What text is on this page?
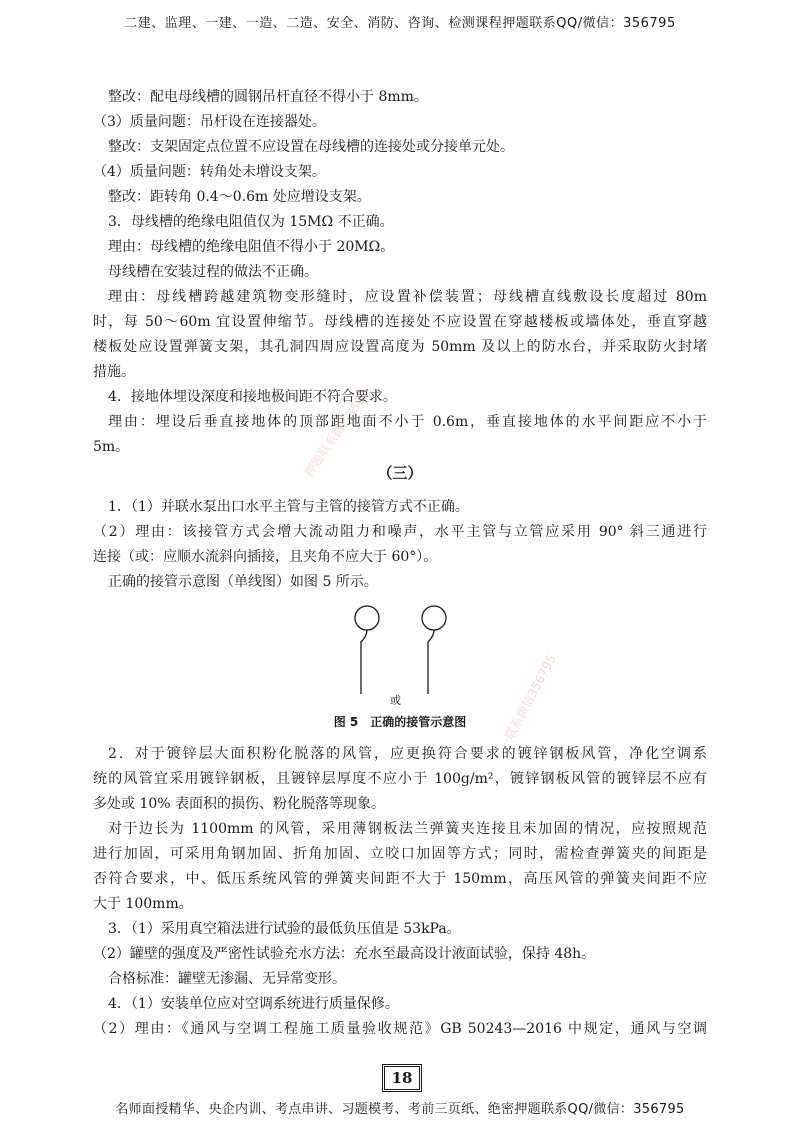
二建、监理、一建、一造、二造、安全、消防、咨询、检测课程押题联系QQ/微信：356795
整改：配电母线槽的圆钢吊杆直径不得小于 8mm。
（3）质量问题：吊杆设在连接器处。
整改：支架固定点位置不应设置在母线槽的连接处或分接单元处。
（4）质量问题：转角处未增设支架。
整改：距转角 0.4～0.6m 处应增设支架。
3．母线槽的绝缘电阻值仅为 15MΩ 不正确。
理由：母线槽的绝缘电阻值不得小于 20MΩ。
母线槽在安装过程的做法不正确。
理由：母线槽跨越建筑物变形缝时，应设置补偿装置；母线槽直线敷设长度超过 80m
时，每 50～60m 宜设置伸缩节。母线槽的连接处不应设置在穿越楼板或墙体处，垂直穿越
楼板处应设置弹簧支架，其孔洞四周应设置高度为 50mm 及以上的防水台，并采取防火封堵
措施。
4．接地体埋设深度和接地极间距不符合要求。
理由：埋设后垂直接地体的顶部距地面不小于 0.6m，垂直接地体的水平间距应不小于
5m。
（三）
1．（1）并联水泵出口水平主管与主管的接管方式不正确。
（2）理由：该接管方式会增大流动阻力和噪声，水平主管与立管应采用 90° 斜三通进行
连接（或：应顺水流斜向插接，且夹角不应大于 60°）。
正确的接管示意图（单线图）如图 5 所示。
或
图 5　正确的接管示意图
2．对于镀锌层大面积粉化脱落的风管，应更换符合要求的镀锌钢板风管，净化空调系
统的风管宜采用镀锌钢板，且镀锌层厚度不应小于 100g/m²，镀锌钢板风管的镀锌层不应有
多处或 10% 表面积的损伤、粉化脱落等现象。
对于边长为 1100mm 的风管，采用薄钢板法兰弹簧夹连接且未加固的情况，应按照规范
进行加固，可采用角钢加固、折角加固、立咬口加固等方式；同时，需检查弹簧夹的间距是
否符合要求，中、低压系统风管的弹簧夹间距不大于 150mm，高压风管的弹簧夹间距不应
大于 100mm。
3．（1）采用真空箱法进行试验的最低负压值是 53kPa。
（2）罐壁的强度及严密性试验充水方法：充水至最高设计液面试验，保持 48h。
合格标准：罐壁无渗漏、无异常变形。
4．（1）安装单位应对空调系统进行质量保修。
（2）理由：《通风与空调工程施工质量验收规范》GB 50243—2016 中规定，通风与空调
押题联系微信3567
一联系微信356795
18
名师面授精华、央企内训、考点串讲、习题模考、考前三页纸、绝密押题联系QQ/微信：356795
